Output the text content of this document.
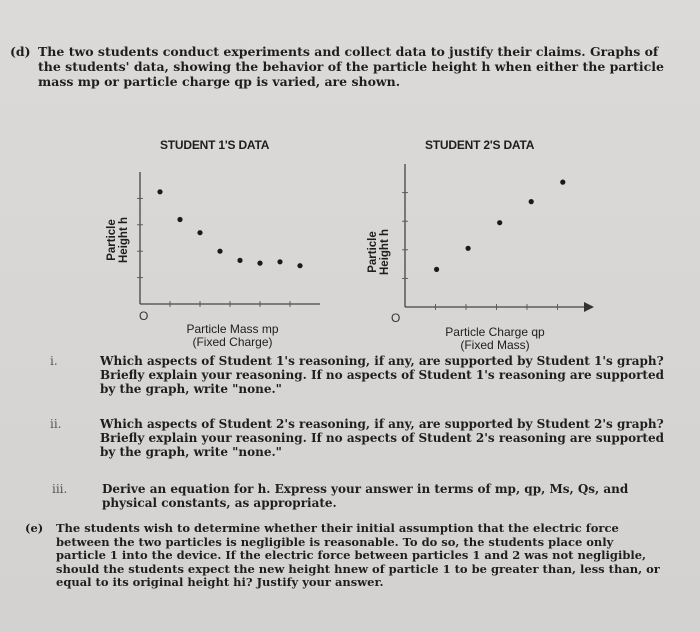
(d) The two students conduct experiments and collect data to justify their claims. Graphs of the students' data, showing the behavior of the particle height h when either the particle mass mp or particle charge qp is varied, are shown.
STUDENT 1'S DATA	STUDENT 2'S DATA
Particle Height h	Particle Height h
O	O
Particle Mass mp
(Fixed Charge)
Particle Charge qp
(Fixed Mass)
i.	Which aspects of Student 1's reasoning, if any, are supported by Student 1's graph? Briefly explain your reasoning. If no aspects of Student 1's reasoning are supported by the graph, write "none."
ii.	Which aspects of Student 2's reasoning, if any, are supported by Student 2's graph? Briefly explain your reasoning. If no aspects of Student 2's reasoning are supported by the graph, write "none."
iii.	Derive an equation for h. Express your answer in terms of mp, qp, Ms, Qs, and physical constants, as appropriate.
(e) The students wish to determine whether their initial assumption that the electric force between the two particles is negligible is reasonable. To do so, the students place only particle 1 into the device. If the electric force between particles 1 and 2 was not negligible, should the students expect the new height hnew of particle 1 to be greater than, less than, or equal to its original height hi? Justify your answer.
